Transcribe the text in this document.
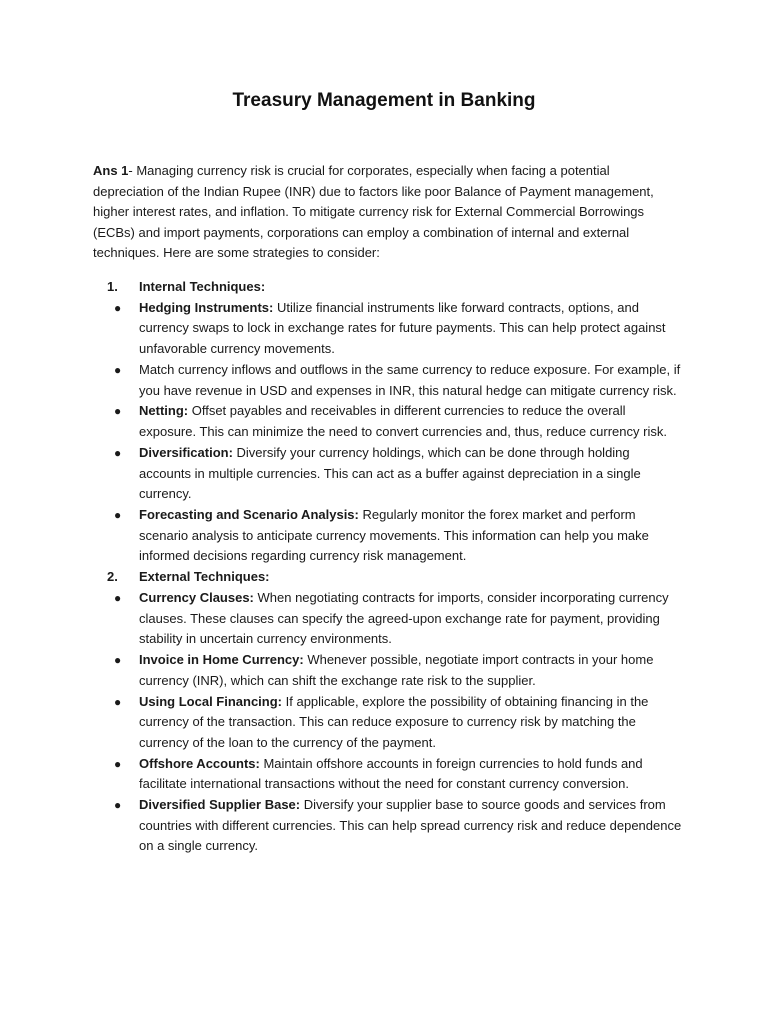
Treasury Management in Banking

Ans 1- Managing currency risk is crucial for corporates, especially when facing a potential depreciation of the Indian Rupee (INR) due to factors like poor Balance of Payment management, higher interest rates, and inflation. To mitigate currency risk for External Commercial Borrowings (ECBs) and import payments, corporations can employ a combination of internal and external techniques. Here are some strategies to consider:

1.	Internal Techniques:
●	Hedging Instruments: Utilize financial instruments like forward contracts, options, and currency swaps to lock in exchange rates for future payments. This can help protect against unfavorable currency movements.
●	Match currency inflows and outflows in the same currency to reduce exposure. For example, if you have revenue in USD and expenses in INR, this natural hedge can mitigate currency risk.
●	Netting: Offset payables and receivables in different currencies to reduce the overall exposure. This can minimize the need to convert currencies and, thus, reduce currency risk.
●	Diversification: Diversify your currency holdings, which can be done through holding accounts in multiple currencies. This can act as a buffer against depreciation in a single currency.
●	Forecasting and Scenario Analysis: Regularly monitor the forex market and perform scenario analysis to anticipate currency movements. This information can help you make informed decisions regarding currency risk management.
2.	External Techniques:
●	Currency Clauses: When negotiating contracts for imports, consider incorporating currency clauses. These clauses can specify the agreed-upon exchange rate for payment, providing stability in uncertain currency environments.
●	Invoice in Home Currency: Whenever possible, negotiate import contracts in your home currency (INR), which can shift the exchange rate risk to the supplier.
●	Using Local Financing: If applicable, explore the possibility of obtaining financing in the currency of the transaction. This can reduce exposure to currency risk by matching the currency of the loan to the currency of the payment.
●	Offshore Accounts: Maintain offshore accounts in foreign currencies to hold funds and facilitate international transactions without the need for constant currency conversion.
●	Diversified Supplier Base: Diversify your supplier base to source goods and services from countries with different currencies. This can help spread currency risk and reduce dependence on a single currency.
